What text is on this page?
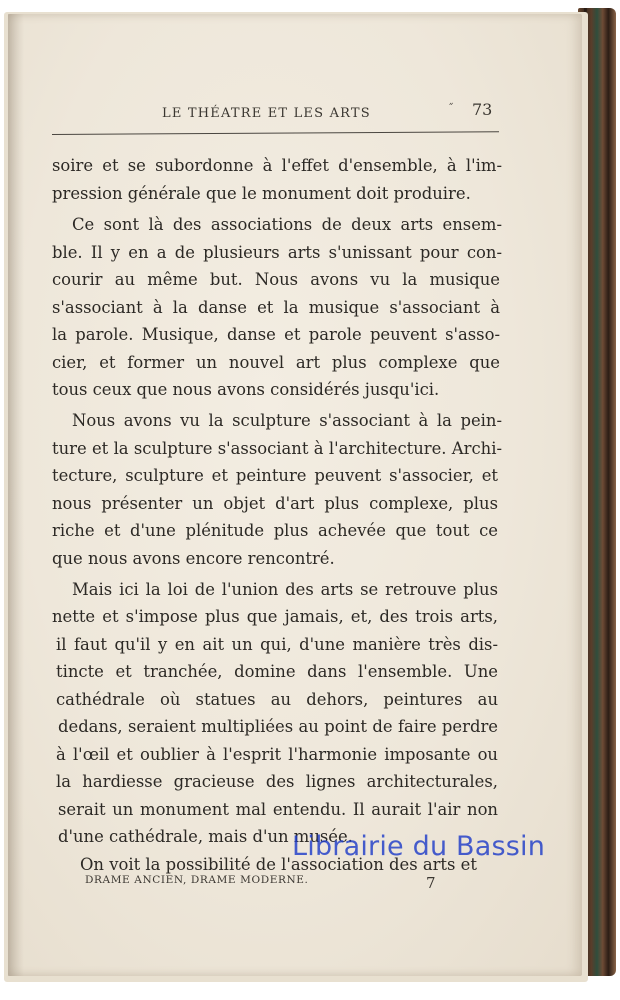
LE THÉATRE ET LES ARTS	˝ 73
soire et se subordonne à l'effet d'ensemble, à l'im-
pression générale que le monument doit produire.
Ce sont là des associations de deux arts ensem-
ble. Il y en a de plusieurs arts s'unissant pour con-
courir au même but. Nous avons vu la musique
s'associant à la danse et la musique s'associant à
la parole. Musique, danse et parole peuvent s'asso-
cier, et former un nouvel art plus complexe que
tous ceux que nous avons considérés jusqu'ici.
Nous avons vu la sculpture s'associant à la pein-
ture et la sculpture s'associant à l'architecture. Archi-
tecture, sculpture et peinture peuvent s'associer, et
nous présenter un objet d'art plus complexe, plus
riche et d'une plénitude plus achevée que tout ce
que nous avons encore rencontré.
Mais ici la loi de l'union des arts se retrouve plus
nette et s'impose plus que jamais, et, des trois arts,
il faut qu'il y en ait un qui, d'une manière très dis-
tincte et tranchée, domine dans l'ensemble. Une
cathédrale où statues au dehors, peintures au
dedans, seraient multipliées au point de faire perdre
à l'œil et oublier à l'esprit l'harmonie imposante ou
la hardiesse gracieuse des lignes architecturales,
serait un monument mal entendu. Il aurait l'air non
d'une cathédrale, mais d'un musée.
On voit la possibilité de l'association des arts et
DRAME ANCIEN, DRAME MODERNE.	7
Librairie du Bassin
